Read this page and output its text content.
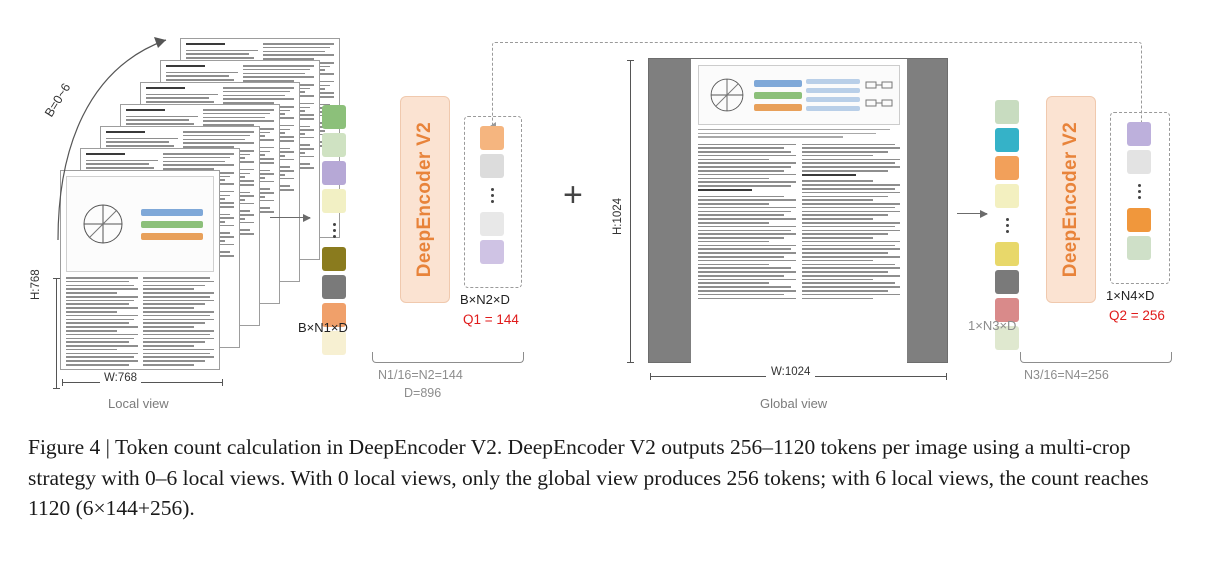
B=0~6
H:768
W:768
Local view
B×N1×D
DeepEncoder V2
B×N2×D
Q1 = 144
N1/16=N2=144
D=896
+
H:1024
W:1024
Global view
1×N3×D
DeepEncoder V2
1×N4×D
Q2 = 256
N3/16=N4=256
Figure 4 | Token count calculation in DeepEncoder V2. DeepEncoder V2 outputs 256–1120 tokens per image using a multi-crop strategy with 0–6 local views. With 0 local views, only the global view produces 256 tokens; with 6 local views, the count reaches 1120 (6×144+256).
